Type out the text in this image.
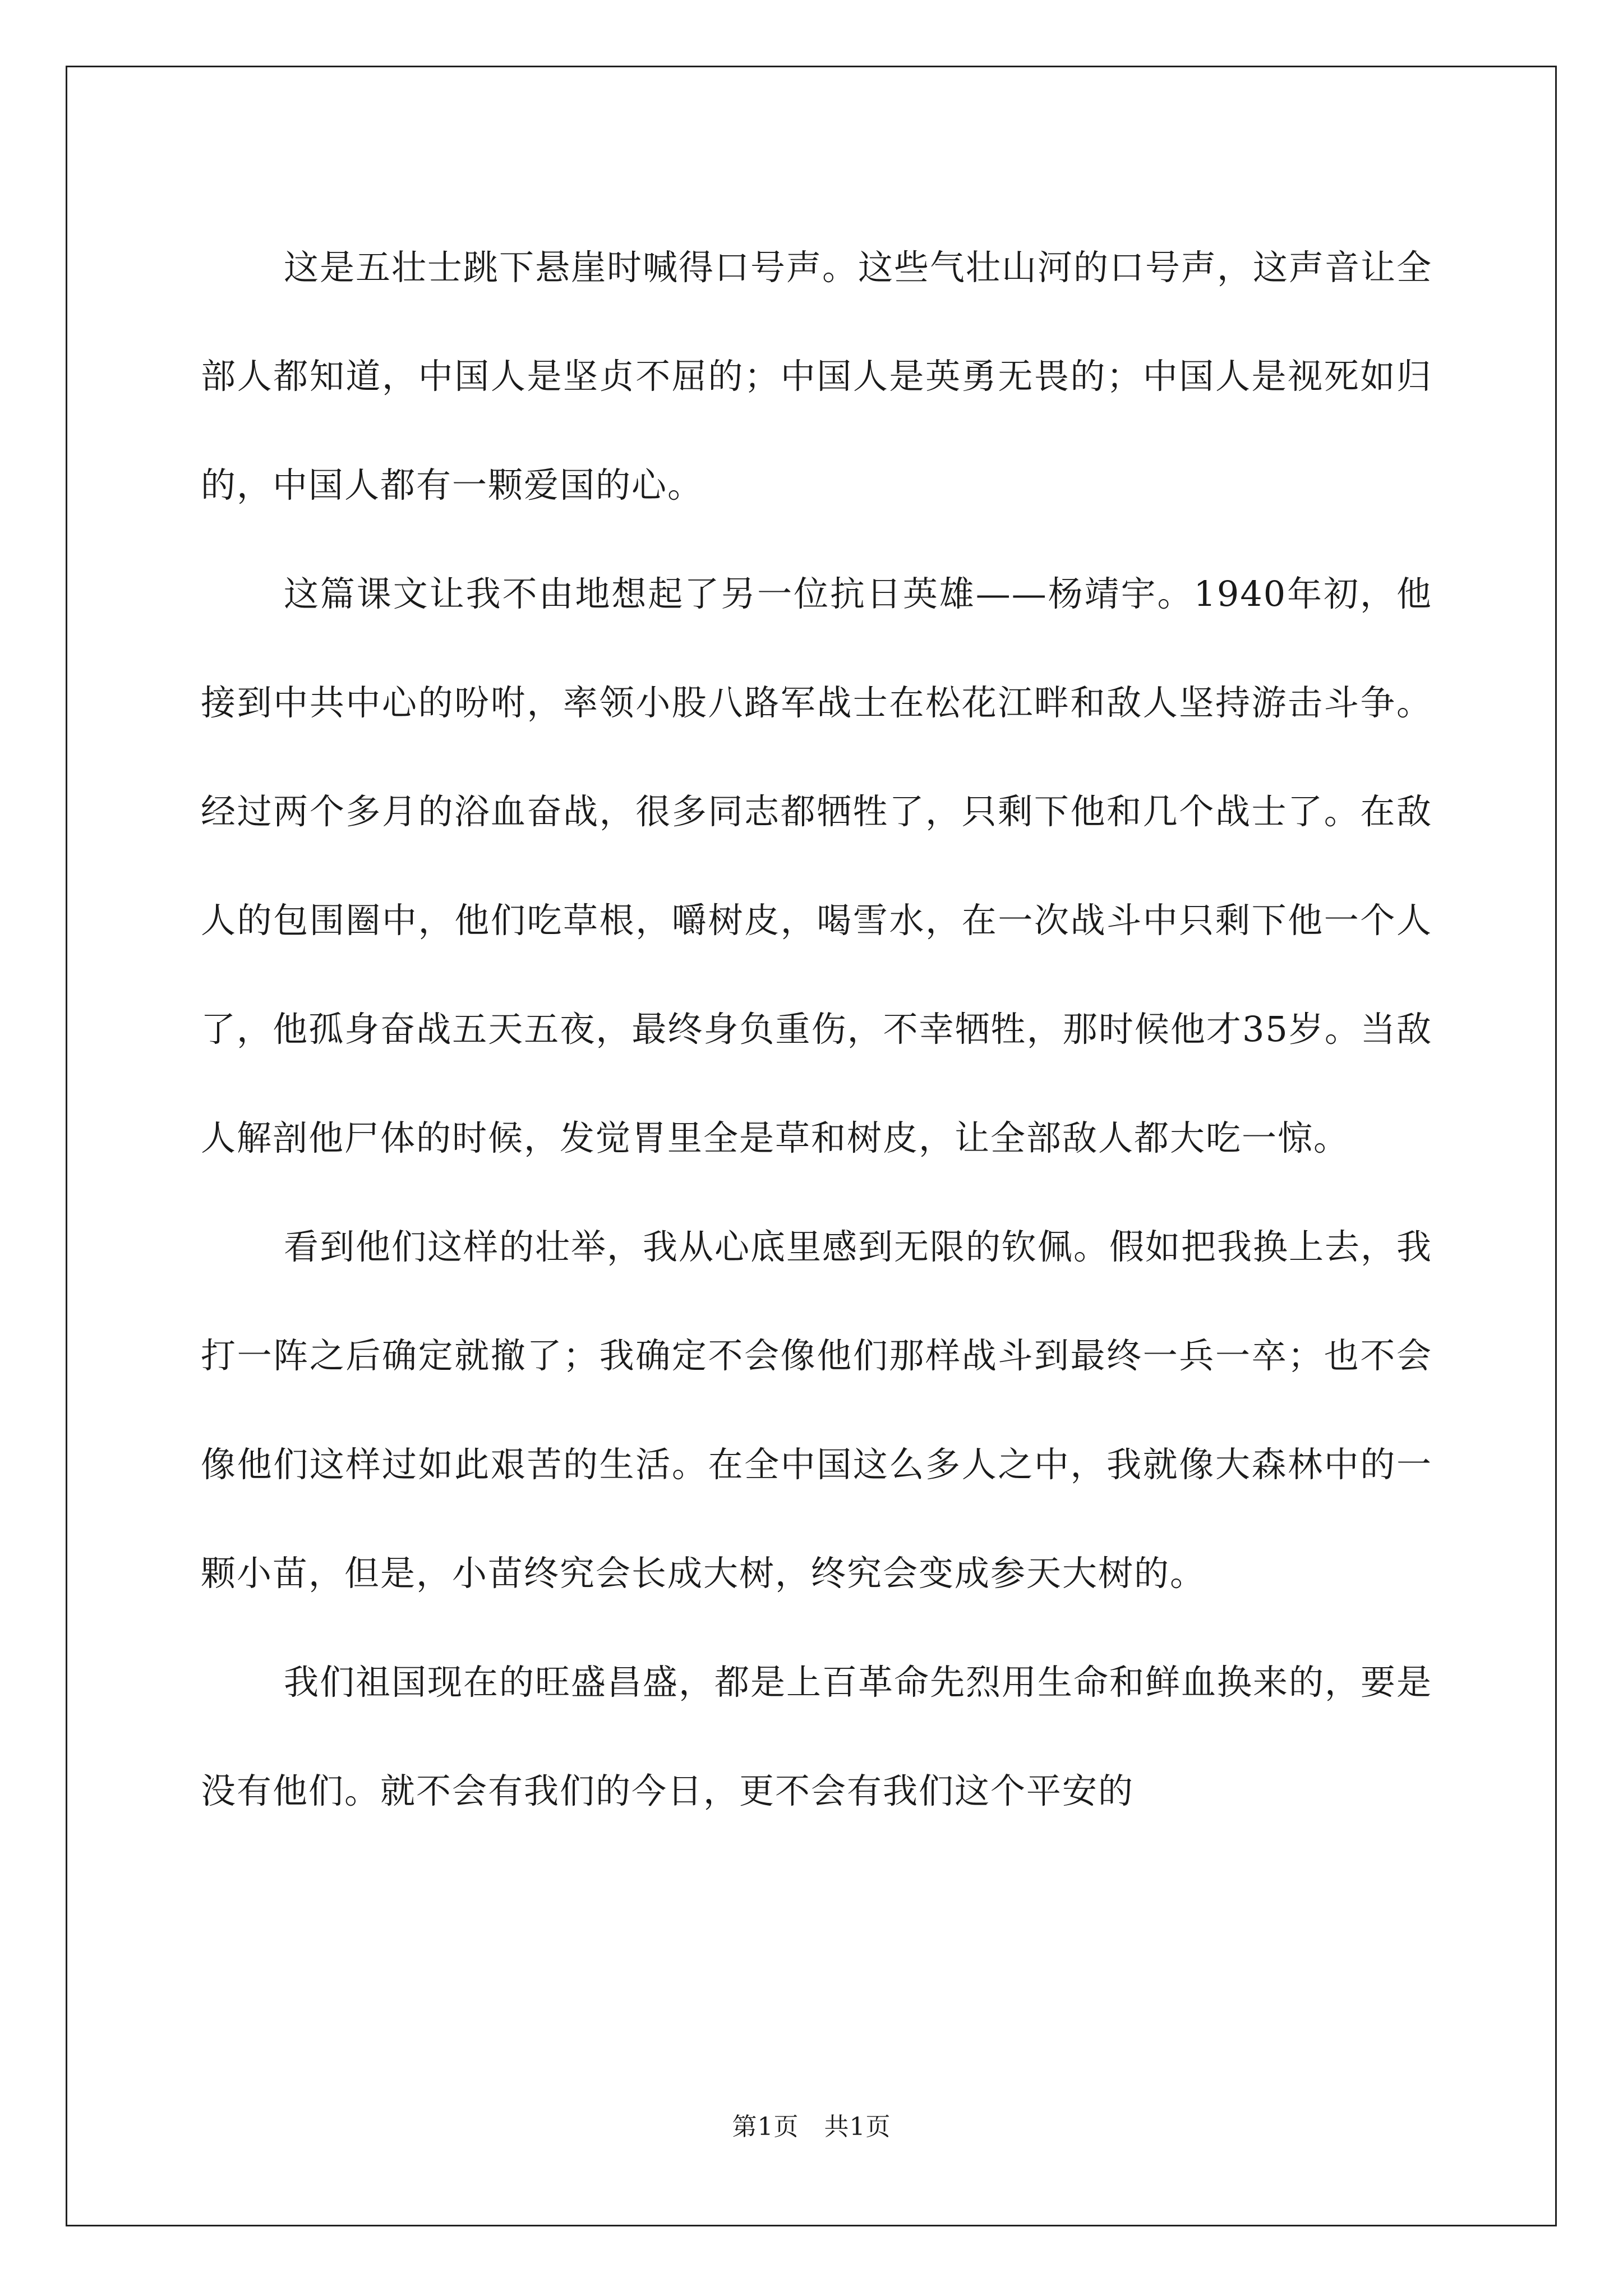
这是五壮士跳下悬崖时喊得口号声。这些气壮山河的口号声，这声音让全部人都知道，中国人是坚贞不屈的；中国人是英勇无畏的；中国人是视死如归的，中国人都有一颗爱国的心。

这篇课文让我不由地想起了另一位抗日英雄——杨靖宇。1940年初，他接到中共中心的吩咐，率领小股八路军战士在松花江畔和敌人坚持游击斗争。经过两个多月的浴血奋战，很多同志都牺牲了，只剩下他和几个战士了。在敌人的包围圈中，他们吃草根，嚼树皮，喝雪水，在一次战斗中只剩下他一个人了，他孤身奋战五天五夜，最终身负重伤，不幸牺牲，那时候他才35岁。当敌人解剖他尸体的时候，发觉胃里全是草和树皮，让全部敌人都大吃一惊。

看到他们这样的壮举，我从心底里感到无限的钦佩。假如把我换上去，我打一阵之后确定就撤了；我确定不会像他们那样战斗到最终一兵一卒；也不会像他们这样过如此艰苦的生活。在全中国这么多人之中，我就像大森林中的一颗小苗，但是，小苗终究会长成大树，终究会变成参天大树的。

我们祖国现在的旺盛昌盛，都是上百革命先烈用生命和鲜血换来的，要是没有他们。就不会有我们的今日，更不会有我们这个平安的

第1页 共1页
